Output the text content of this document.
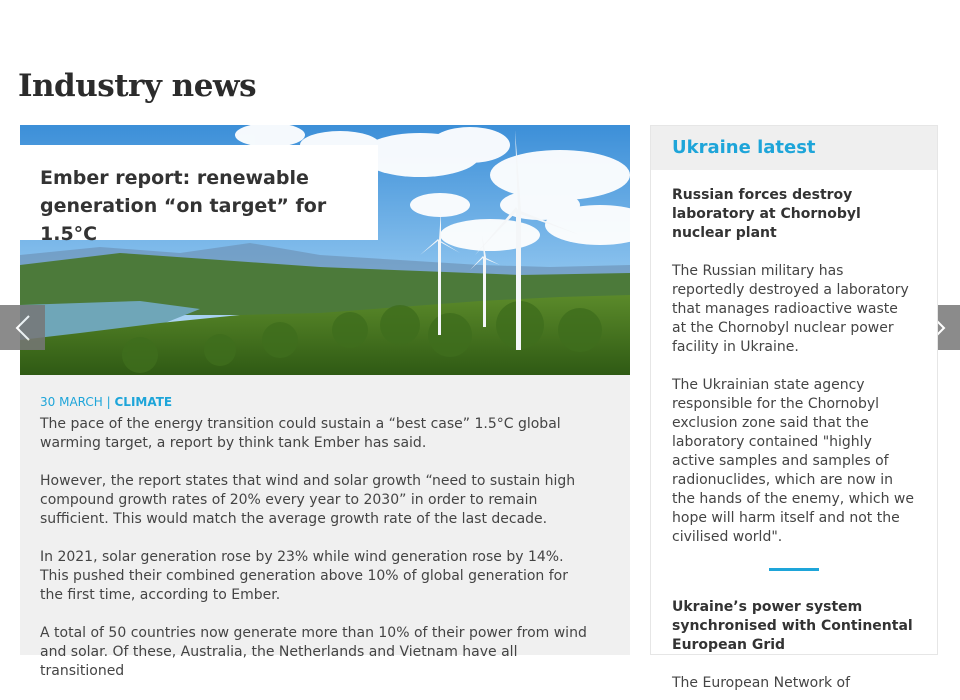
Industry news
Ember report: renewable generation “on target” for 1.5°C
30 MARCH | CLIMATE

The pace of the energy transition could sustain a “best case” 1.5°C global warming target, a report by think tank Ember has said.

However, the report states that wind and solar growth “need to sustain high compound growth rates of 20% every year to 2030” in order to remain sufficient. This would match the average growth rate of the last decade.

In 2021, solar generation rose by 23% while wind generation rose by 14%. This pushed their combined generation above 10% of global generation for the first time, according to Ember.

A total of 50 countries now generate more than 10% of their power from wind and solar. Of these, Australia, the Netherlands and Vietnam have all transitioned

Ukraine latest

Russian forces destroy laboratory at Chornobyl nuclear plant

The Russian military has reportedly destroyed a laboratory that manages radioactive waste at the Chornobyl nuclear power facility in Ukraine.

The Ukrainian state agency responsible for the Chornobyl exclusion zone said that the laboratory contained "highly active samples and samples of radionuclides, which are now in the hands of the enemy, which we hope will harm itself and not the civilised world".

Ukraine’s power system synchronised with Continental European Grid

The European Network of
